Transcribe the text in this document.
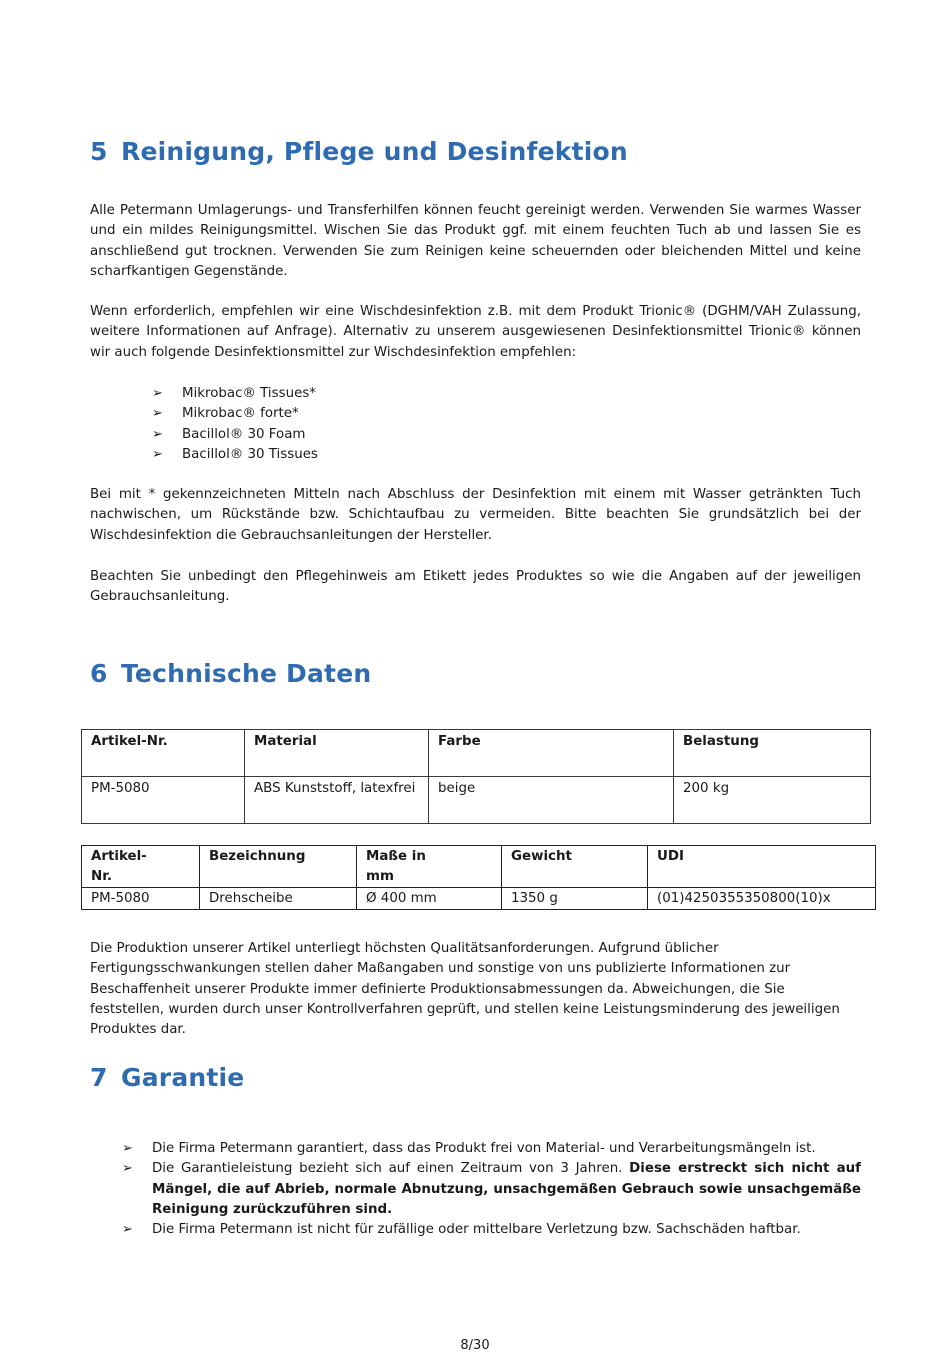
5 Reinigung, Pflege und Desinfektion

Alle Petermann Umlagerungs- und Transferhilfen können feucht gereinigt werden. Verwenden Sie warmes Wasser und ein mildes Reinigungsmittel. Wischen Sie das Produkt ggf. mit einem feuchten Tuch ab und lassen Sie es anschließend gut trocknen. Verwenden Sie zum Reinigen keine scheuernden oder bleichenden Mittel und keine scharfkantigen Gegenstände.

Wenn erforderlich, empfehlen wir eine Wischdesinfektion z.B. mit dem Produkt Trionic® (DGHM/VAH Zulassung, weitere Informationen auf Anfrage). Alternativ zu unserem ausgewiesenen Desinfektionsmittel Trionic® können wir auch folgende Desinfektionsmittel zur Wischdesinfektion empfehlen:

➢ Mikrobac® Tissues*
➢ Mikrobac® forte*
➢ Bacillol® 30 Foam
➢ Bacillol® 30 Tissues

Bei mit * gekennzeichneten Mitteln nach Abschluss der Desinfektion mit einem mit Wasser getränkten Tuch nachwischen, um Rückstände bzw. Schichtaufbau zu vermeiden. Bitte beachten Sie grundsätzlich bei der Wischdesinfektion die Gebrauchsanleitungen der Hersteller.

Beachten Sie unbedingt den Pflegehinweis am Etikett jedes Produktes so wie die Angaben auf der jeweiligen Gebrauchsanleitung.

6 Technische Daten
Artikel-Nr.	Material	Farbe	Belastung
PM-5080	ABS Kunststoff, latexfrei	beige	200 kg
Artikel-Nr.	Bezeichnung	Maße in mm	Gewicht	UDI
PM-5080	Drehscheibe	Ø 400 mm	1350 g	(01)4250355350800(10)x

Die Produktion unserer Artikel unterliegt höchsten Qualitätsanforderungen. Aufgrund üblicher Fertigungsschwankungen stellen daher Maßangaben und sonstige von uns publizierte Informationen zur Beschaffenheit unserer Produkte immer definierte Produktionsabmessungen da. Abweichungen, die Sie feststellen, wurden durch unser Kontrollverfahren geprüft, und stellen keine Leistungsminderung des jeweiligen Produktes dar.

7 Garantie
➢ Die Firma Petermann garantiert, dass das Produkt frei von Material- und Verarbeitungsmängeln ist.
➢ Die Garantieleistung bezieht sich auf einen Zeitraum von 3 Jahren. Diese erstreckt sich nicht auf Mängel, die auf Abrieb, normale Abnutzung, unsachgemäßen Gebrauch sowie unsachgemäße Reinigung zurückzuführen sind.
➢ Die Firma Petermann ist nicht für zufällige oder mittelbare Verletzung bzw. Sachschäden haftbar.
8/30
